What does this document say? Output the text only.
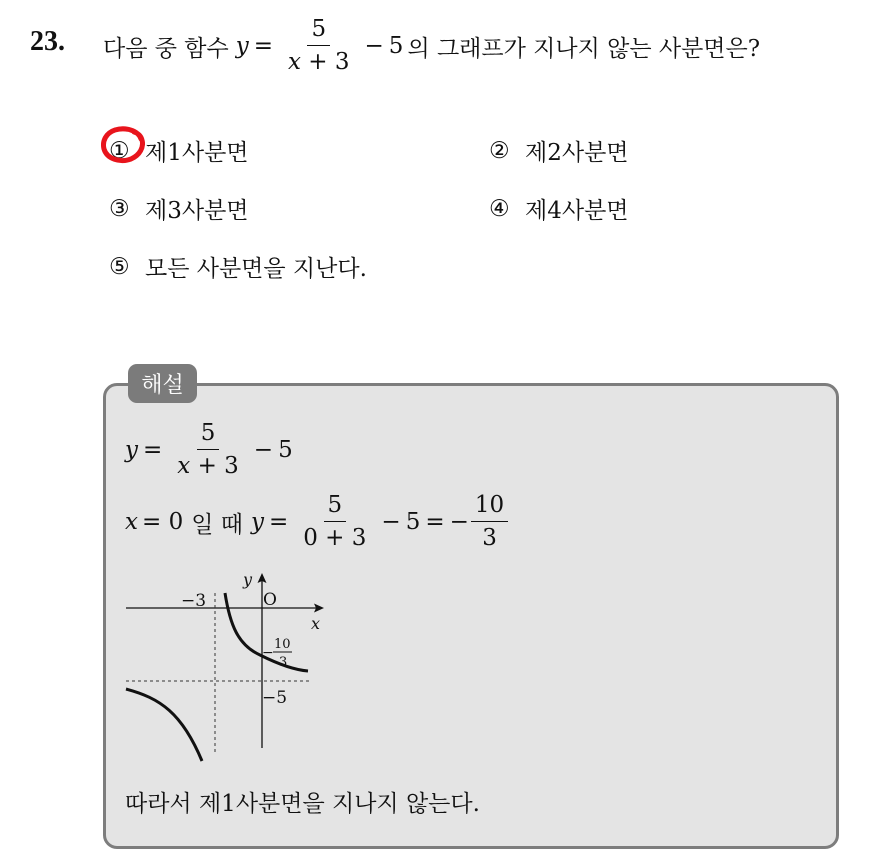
23. 다음 중 함수 $y = \frac{5}{x + 3} - 5$ 의 그래프가 지나지 않는 사분면은?
① 제1사분면	② 제2사분면
③ 제3사분면	④ 제4사분면
⑤ 모든 사분면을 지난다.
해설
$y = \frac{5}{x + 3} - 5$
x = 0 일 때 $y = \frac{5}{0 + 3} - 5$ = − $\frac{10}{3}$
y
O
−3
x
−
10
3
−5
따라서 제1사분면을 지나지 않는다.
